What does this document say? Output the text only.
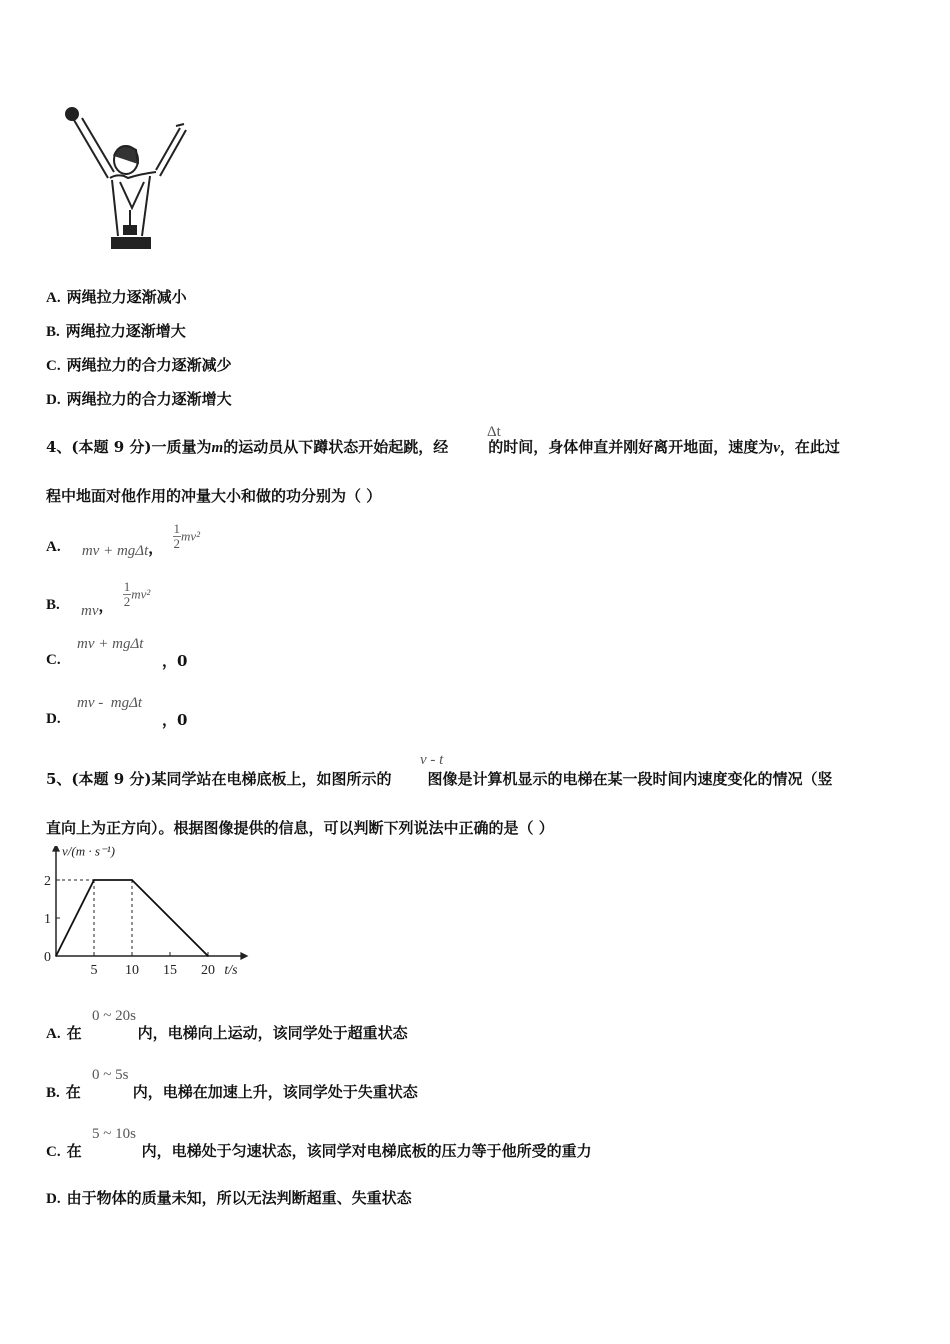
A. 两绳拉力逐渐减小
B. 两绳拉力逐渐增大
C. 两绳拉力的合力逐渐减少
D. 两绳拉力的合力逐渐增大
4、(本题 9 分)一质量为m的运动员从下蹲状态开始起跳，经	的时间，身体伸直并刚好离开地面，速度为v，在此过
Δt
程中地面对他作用的冲量大小和做的功分别为（ ）
A. mv + mgΔt， $\frac{1}{2} mv^2$
B. mv， $\frac{1}{2} mv^2$
C.
mv + mgΔt
，0
D.
mv -  mgΔt
，0
5、(本题 9 分)某同学站在电梯底板上，如图所示的 图像是计算机显示的电梯在某一段时间内速度变化的情况（竖
v - t
直向上为正方向）。根据图像提供的信息，可以判断下列说法中正确的是（ ）
0
1
2
5 10 15 20
v/(m · s⁻¹)
t/s
A. 在	内，电梯向上运动，该同学处于超重状态
0 ~ 20s
B. 在	内，电梯在加速上升，该同学处于失重状态
0 ~ 5s
C. 在	内，电梯处于匀速状态，该同学对电梯底板的压力等于他所受的重力
5 ~ 10s
D. 由于物体的质量未知，所以无法判断超重、失重状态
